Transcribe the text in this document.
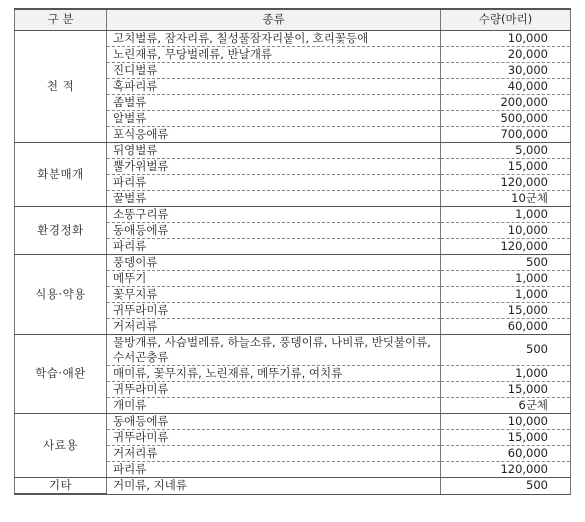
구 분	종류	수량(마리)
천 적	고치벌류, 잠자리류, 칠성풀잠자리붙이, 호리꽃등애	10,000
	노린재류, 무당벌레류, 반날개류	20,000
	진디벌류	30,000
	혹파리류	40,000
	좀벌류	200,000
	알벌류	500,000
	포식응애류	700,000
화분매개	뒤영벌류	5,000
	뿔가위벌류	15,000
	파리류	120,000
	꿀벌류	10군체
환경정화	소똥구리류	1,000
	동애등에류	10,000
	파리류	120,000
식용·약용	풍뎅이류	500
	메뚜기	1,000
	꽃무지류	1,000
	귀뚜라미류	15,000
	거저리류	60,000
학습·애완	물방개류, 사슴벌레류, 하늘소류, 풍뎅이류, 나비류, 반딧불이류, 수서곤충류	500
	매미류, 꽃무지류, 노린재류, 메뚜기류, 여치류	1,000
	귀뚜라미류	15,000
	개미류	6군체
사료용	동애등에류	10,000
	귀뚜라미류	15,000
	거저리류	60,000
	파리류	120,000
기타	거미류, 지네류	500
